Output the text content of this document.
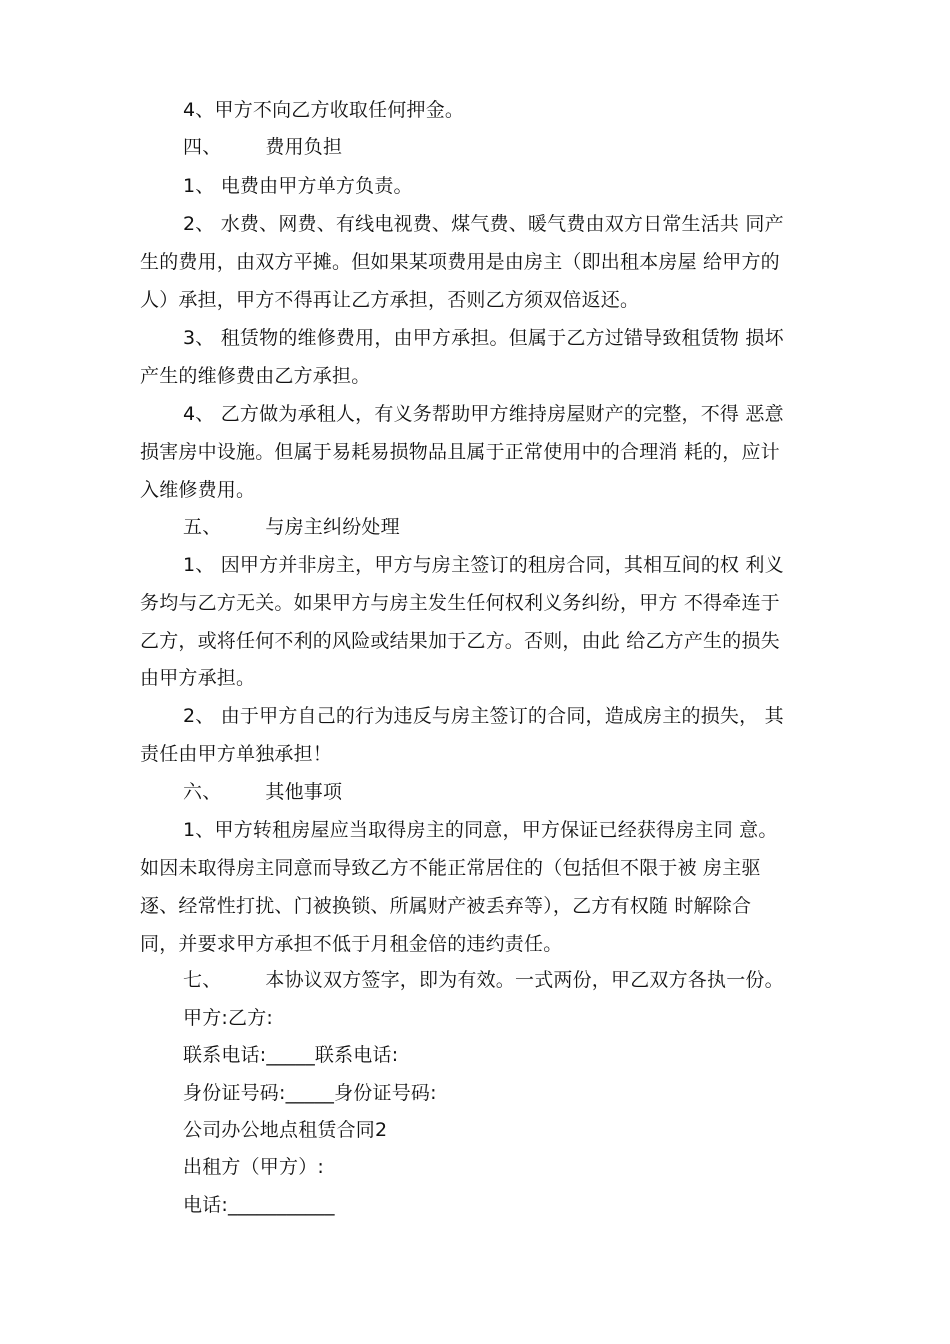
4、甲方不向乙方收取任何押金。
四、 费用负担
1、 电费由甲方单方负责。
2、 水费、网费、有线电视费、煤气费、暖气费由双方日常生活共 同产
生的费用，由双方平摊。但如果某项费用是由房主（即出租本房屋 给甲方的
人）承担，甲方不得再让乙方承担，否则乙方须双倍返还。
3、 租赁物的维修费用，由甲方承担。但属于乙方过错导致租赁物 损坏
产生的维修费由乙方承担。
4、 乙方做为承租人，有义务帮助甲方维持房屋财产的完整，不得 恶意
损害房中设施。但属于易耗易损物品且属于正常使用中的合理消 耗的，应计
入维修费用。
五、 与房主纠纷处理
1、 因甲方并非房主，甲方与房主签订的租房合同，其相互间的权 利义
务均与乙方无关。如果甲方与房主发生任何权利义务纠纷，甲方 不得牵连于
乙方，或将任何不利的风险或结果加于乙方。否则，由此 给乙方产生的损失
由甲方承担。
2、 由于甲方自己的行为违反与房主签订的合同，造成房主的损失， 其
责任由甲方单独承担！
六、 其他事项
1、甲方转租房屋应当取得房主的同意，甲方保证已经获得房主同 意。
如因未取得房主同意而导致乙方不能正常居住的（包括但不限于被 房主驱
逐、经常性打扰、门被换锁、所属财产被丢弃等），乙方有权随 时解除合
同，并要求甲方承担不低于月租金倍的违约责任。
七、 本协议双方签字，即为有效。一式两份，甲乙双方各执一份。
甲方:乙方:
联系电话:_____联系电话:
身份证号码:_____身份证号码:
公司办公地点租赁合同2
出租方（甲方）:
电话:___________
